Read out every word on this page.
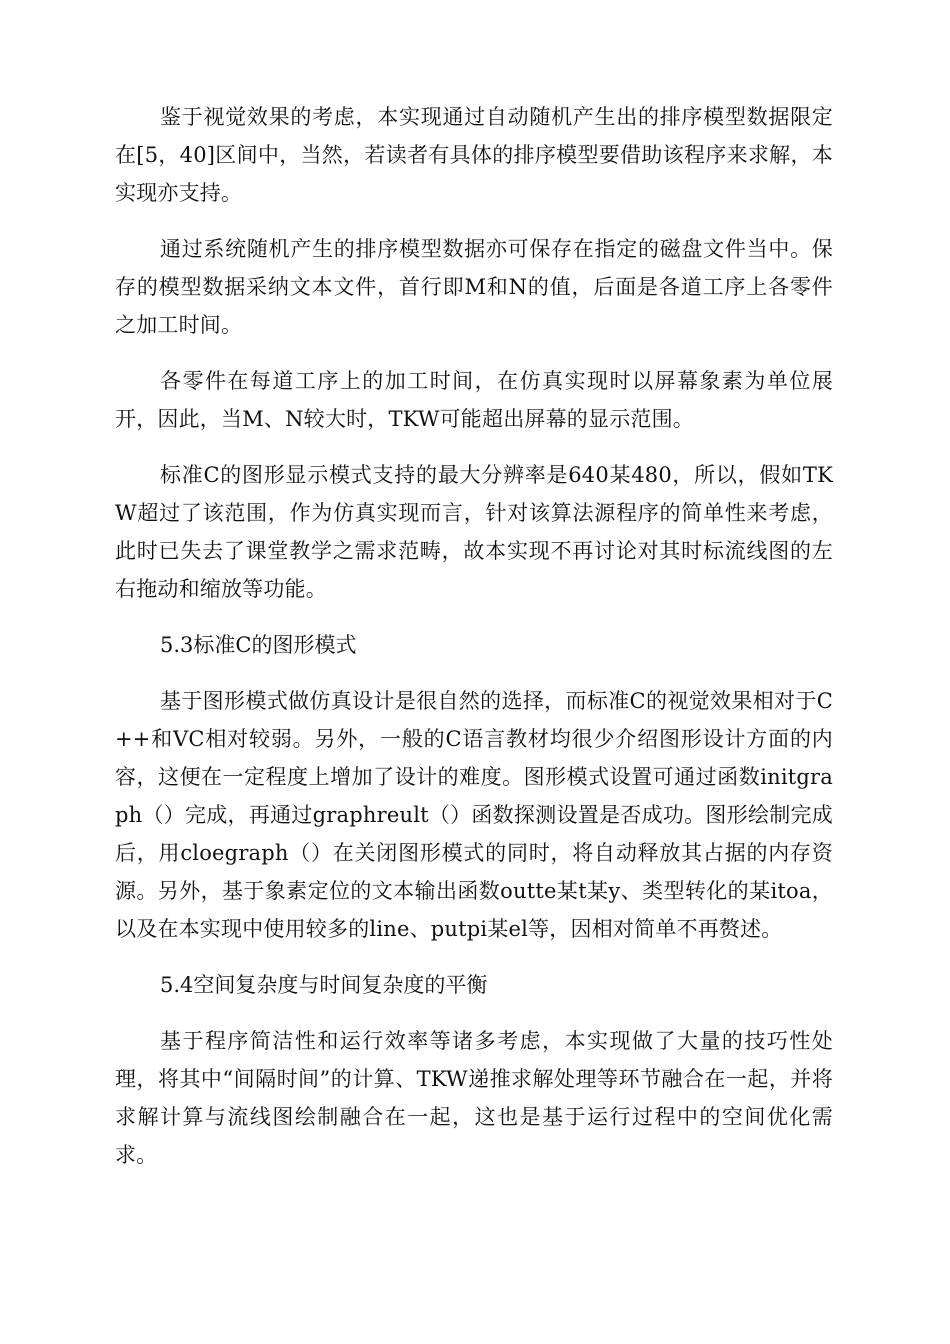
鉴于视觉效果的考虑，本实现通过自动随机产生出的排序模型数据限定在[5，40]区间中，当然，若读者有具体的排序模型要借助该程序来求解，本实现亦支持。

通过系统随机产生的排序模型数据亦可保存在指定的磁盘文件当中。保存的模型数据采纳文本文件，首行即M和N的值，后面是各道工序上各零件之加工时间。

各零件在每道工序上的加工时间，在仿真实现时以屏幕象素为单位展开，因此，当M、N较大时，TKW可能超出屏幕的显示范围。

标准C的图形显示模式支持的最大分辨率是640某480，所以，假如TKW超过了该范围，作为仿真实现而言，针对该算法源程序的简单性来考虑，此时已失去了课堂教学之需求范畴，故本实现不再讨论对其时标流线图的左右拖动和缩放等功能。

5.3标准C的图形模式

基于图形模式做仿真设计是很自然的选择，而标准C的视觉效果相对于C++和VC相对较弱。另外，一般的C语言教材均很少介绍图形设计方面的内容，这便在一定程度上增加了设计的难度。图形模式设置可通过函数initgraph（）完成，再通过graphreult（）函数探测设置是否成功。图形绘制完成后，用cloegraph（）在关闭图形模式的同时，将自动释放其占据的内存资源。另外，基于象素定位的文本输出函数outte某t某y、类型转化的某itoa，以及在本实现中使用较多的line、putpi某el等，因相对简单不再赘述。

5.4空间复杂度与时间复杂度的平衡

基于程序简洁性和运行效率等诸多考虑，本实现做了大量的技巧性处理，将其中“间隔时间”的计算、TKW递推求解处理等环节融合在一起，并将求解计算与流线图绘制融合在一起，这也是基于运行过程中的空间优化需求。
